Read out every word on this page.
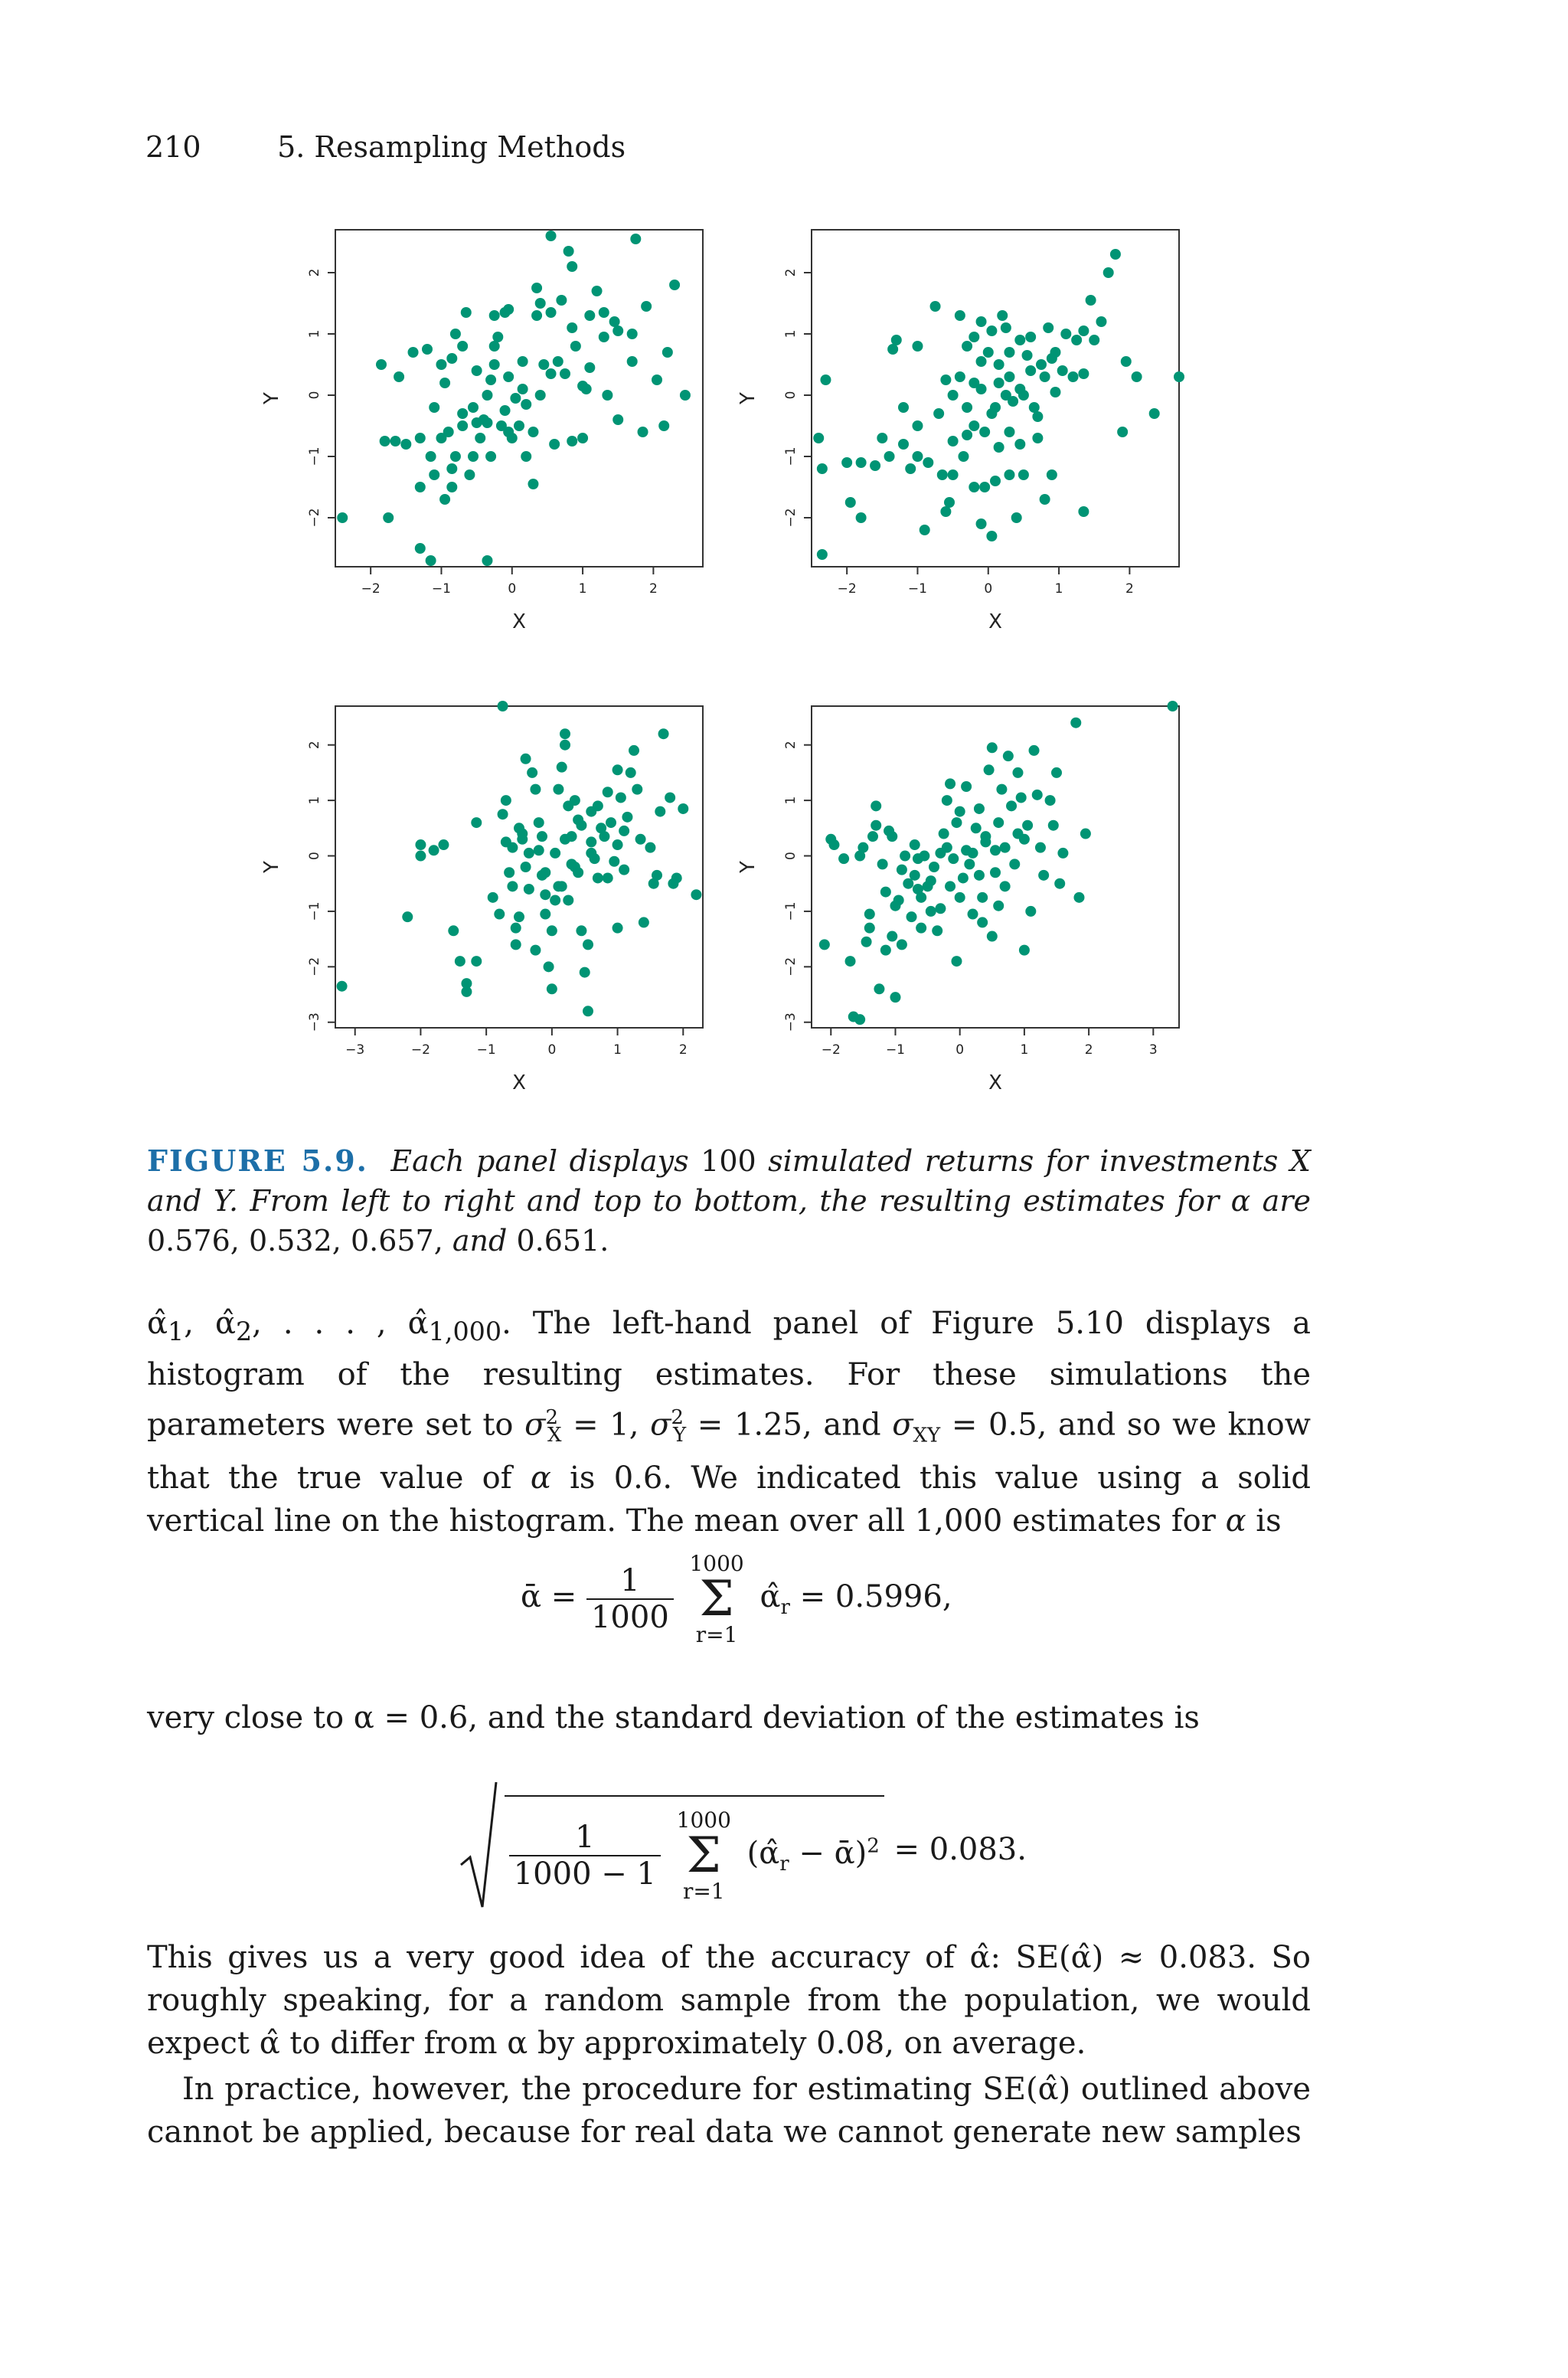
210	5. Resampling Methods
−2	−1	0	1	2
−2
−1
0
1
2
X
Y
−2	−1	0	1	2
−2
−1
0
1
2
X
Y
−3	−2	−1	0	1	2
−3
−2
−1
0
1
2
X
Y
−2	−1	0	1	2	3
−3
−2
−1
0
1
2
X
Y
FIGURE 5.9. Each panel displays 100 simulated returns for investments X and Y. From left to right and top to bottom, the resulting estimates for α are 0.576, 0.532, 0.657, and 0.651.

$\alphâ_1$, $\alphâ_2$, . . . , $\alphâ_{1,000}$. The left-hand panel of Figure 5.10 displays a histogram of the resulting estimates. For these simulations the parameters were set to $\sigma^2_X = 1$, $\sigma^2_Y = 1.25$, and $\sigma_{XY} = 0.5$, and so we know that the true value of α is 0.6. We indicated this value using a solid vertical line on the histogram. The mean over all 1,000 estimates for α is

ᾱ = $\frac{1}{1000}$
1000
Σ
r=1
$\alphâ_r = 0.5996$,

very close to α = 0.6, and the standard deviation of the estimates is

$\frac{1}{1000 - 1}$
1000
Σ
r=1
($\alphâ_r$ − ᾱ)$^2$ = 0.083.

This gives us a very good idea of the accuracy of α̂: SE(α̂) ≈ 0.083. So roughly speaking, for a random sample from the population, we would expect α̂ to differ from α by approximately 0.08, on average.

In practice, however, the procedure for estimating SE(α̂) outlined above cannot be applied, because for real data we cannot generate new samples
